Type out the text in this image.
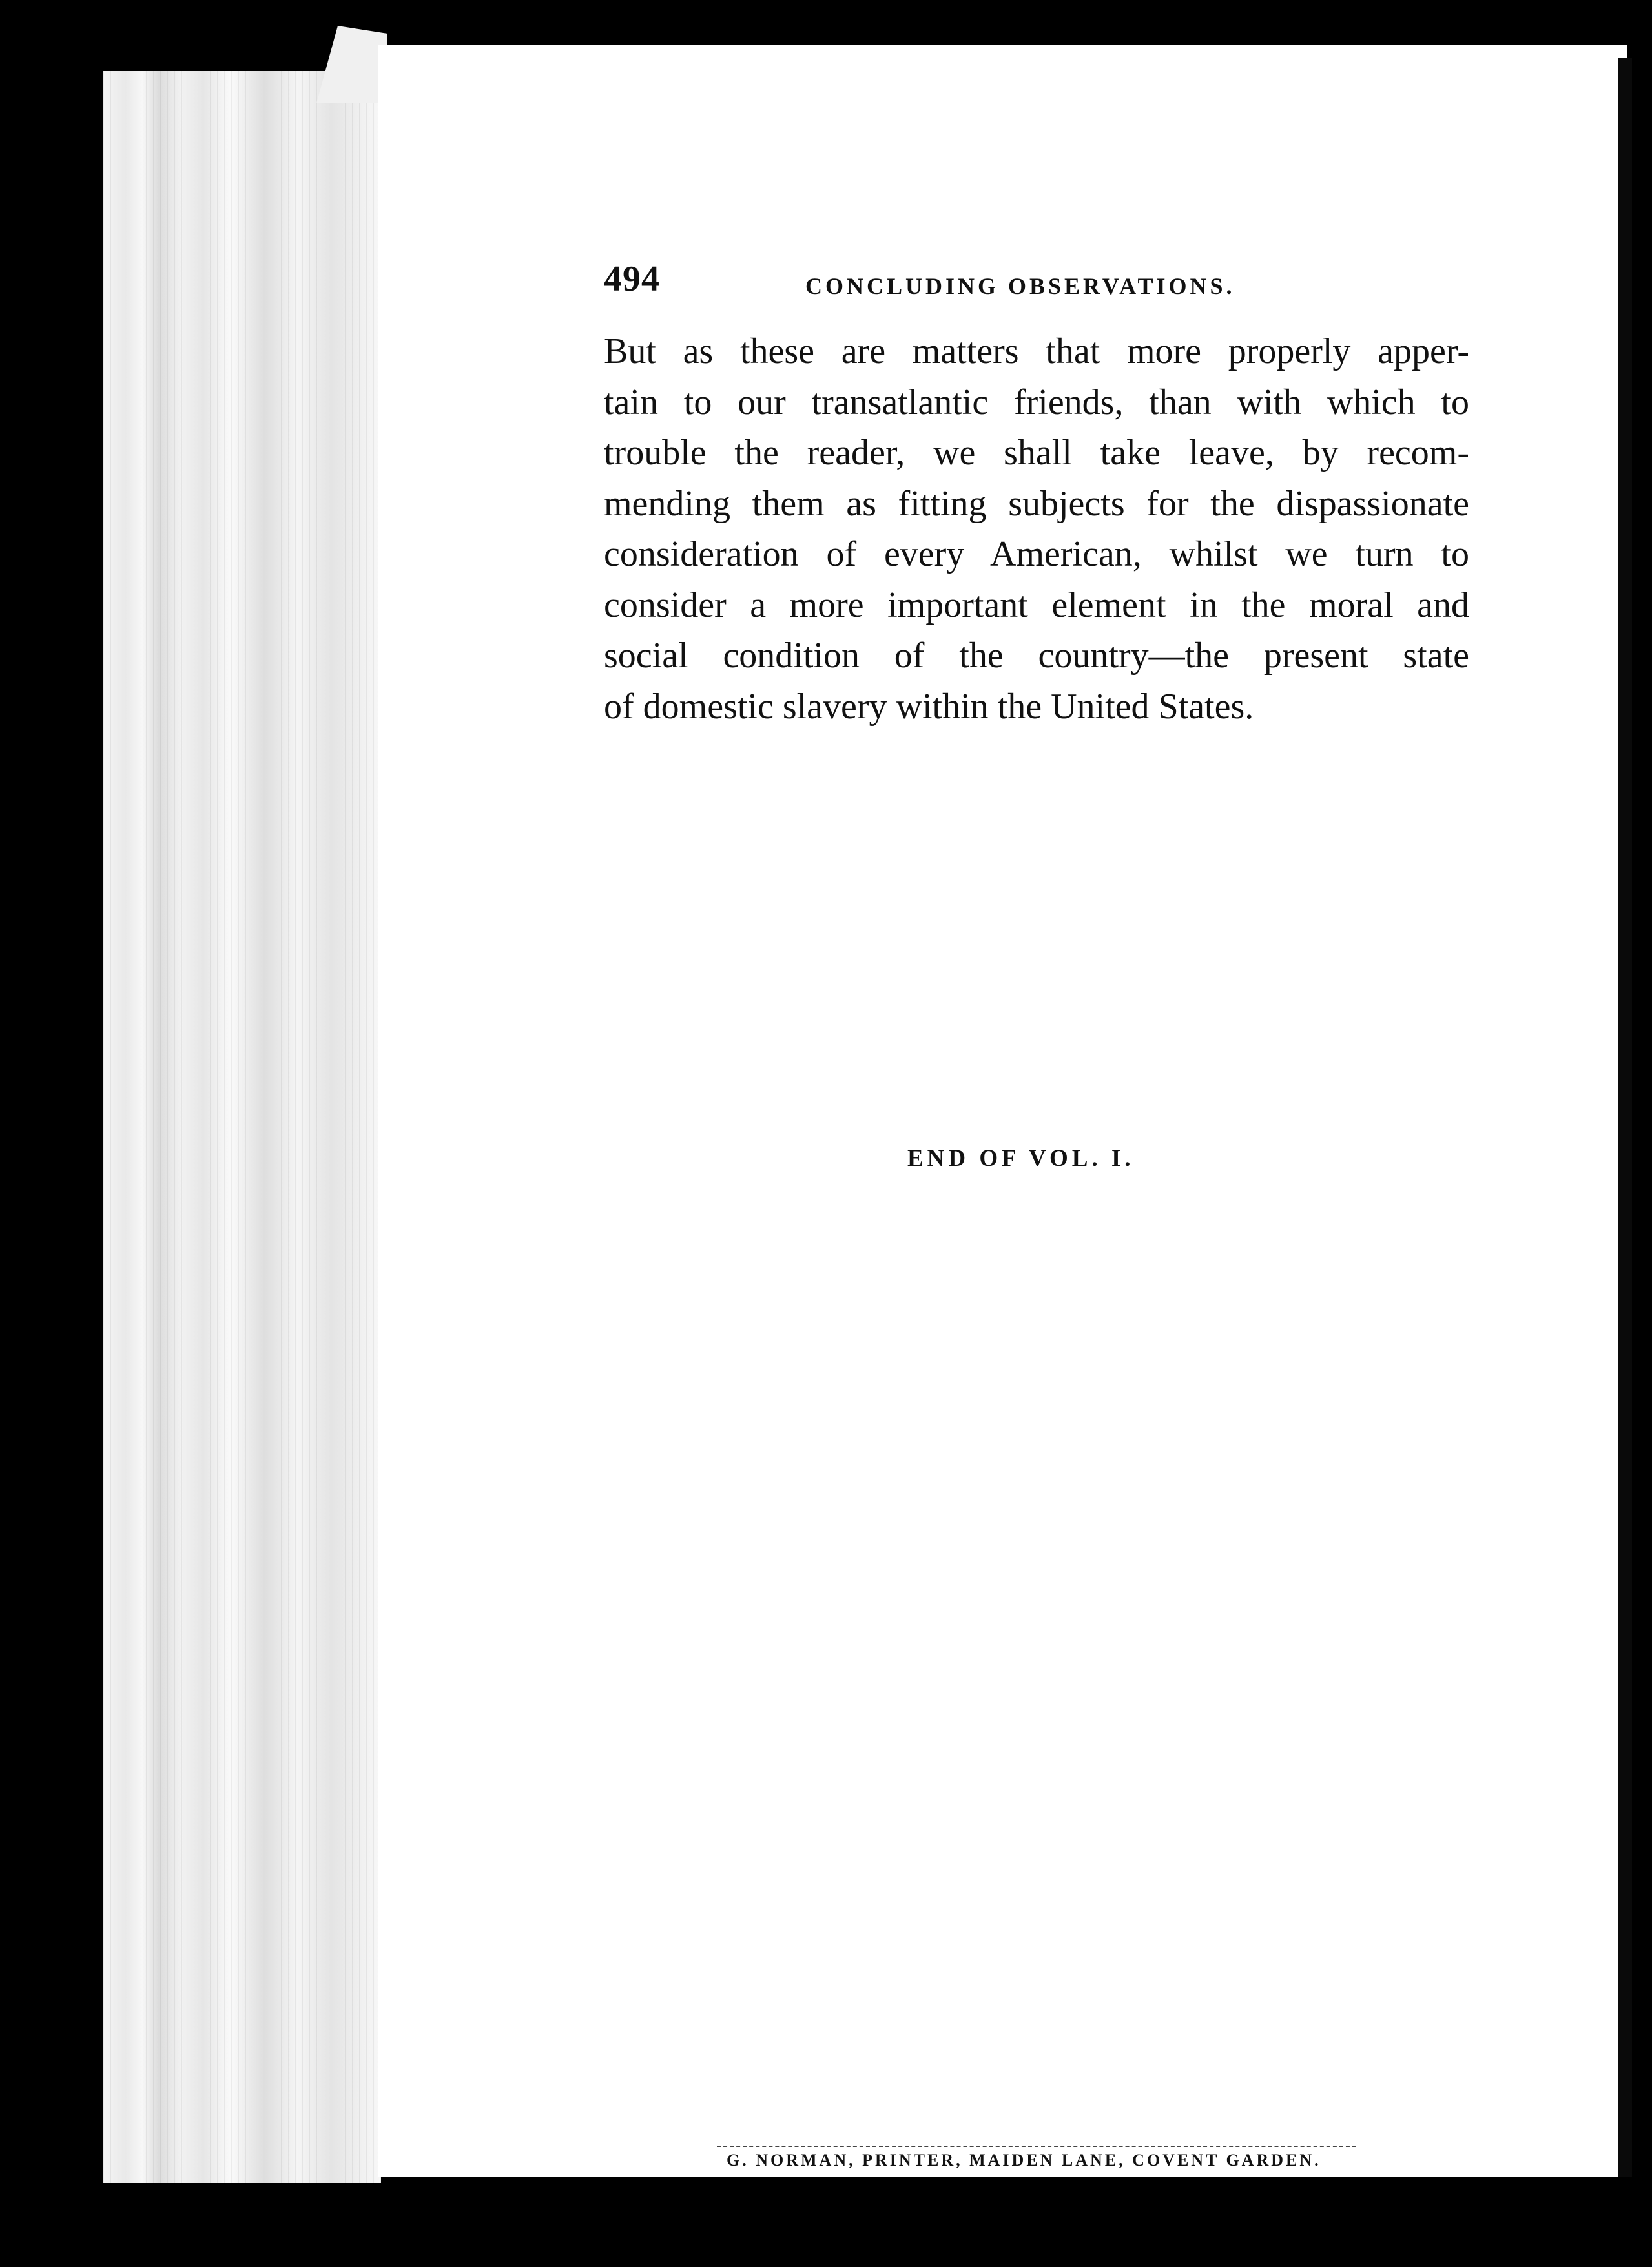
494	CONCLUDING OBSERVATIONS.
But as these are matters that more properly apper-
tain to our transatlantic friends, than with which to
trouble the reader, we shall take leave, by recom-
mending them as fitting subjects for the dispassionate
consideration of every American, whilst we turn to
consider a more important element in the moral and
social condition of the country—the present state
of domestic slavery within the United States.
END OF VOL. I.
G. NORMAN, PRINTER, MAIDEN LANE, COVENT GARDEN.
